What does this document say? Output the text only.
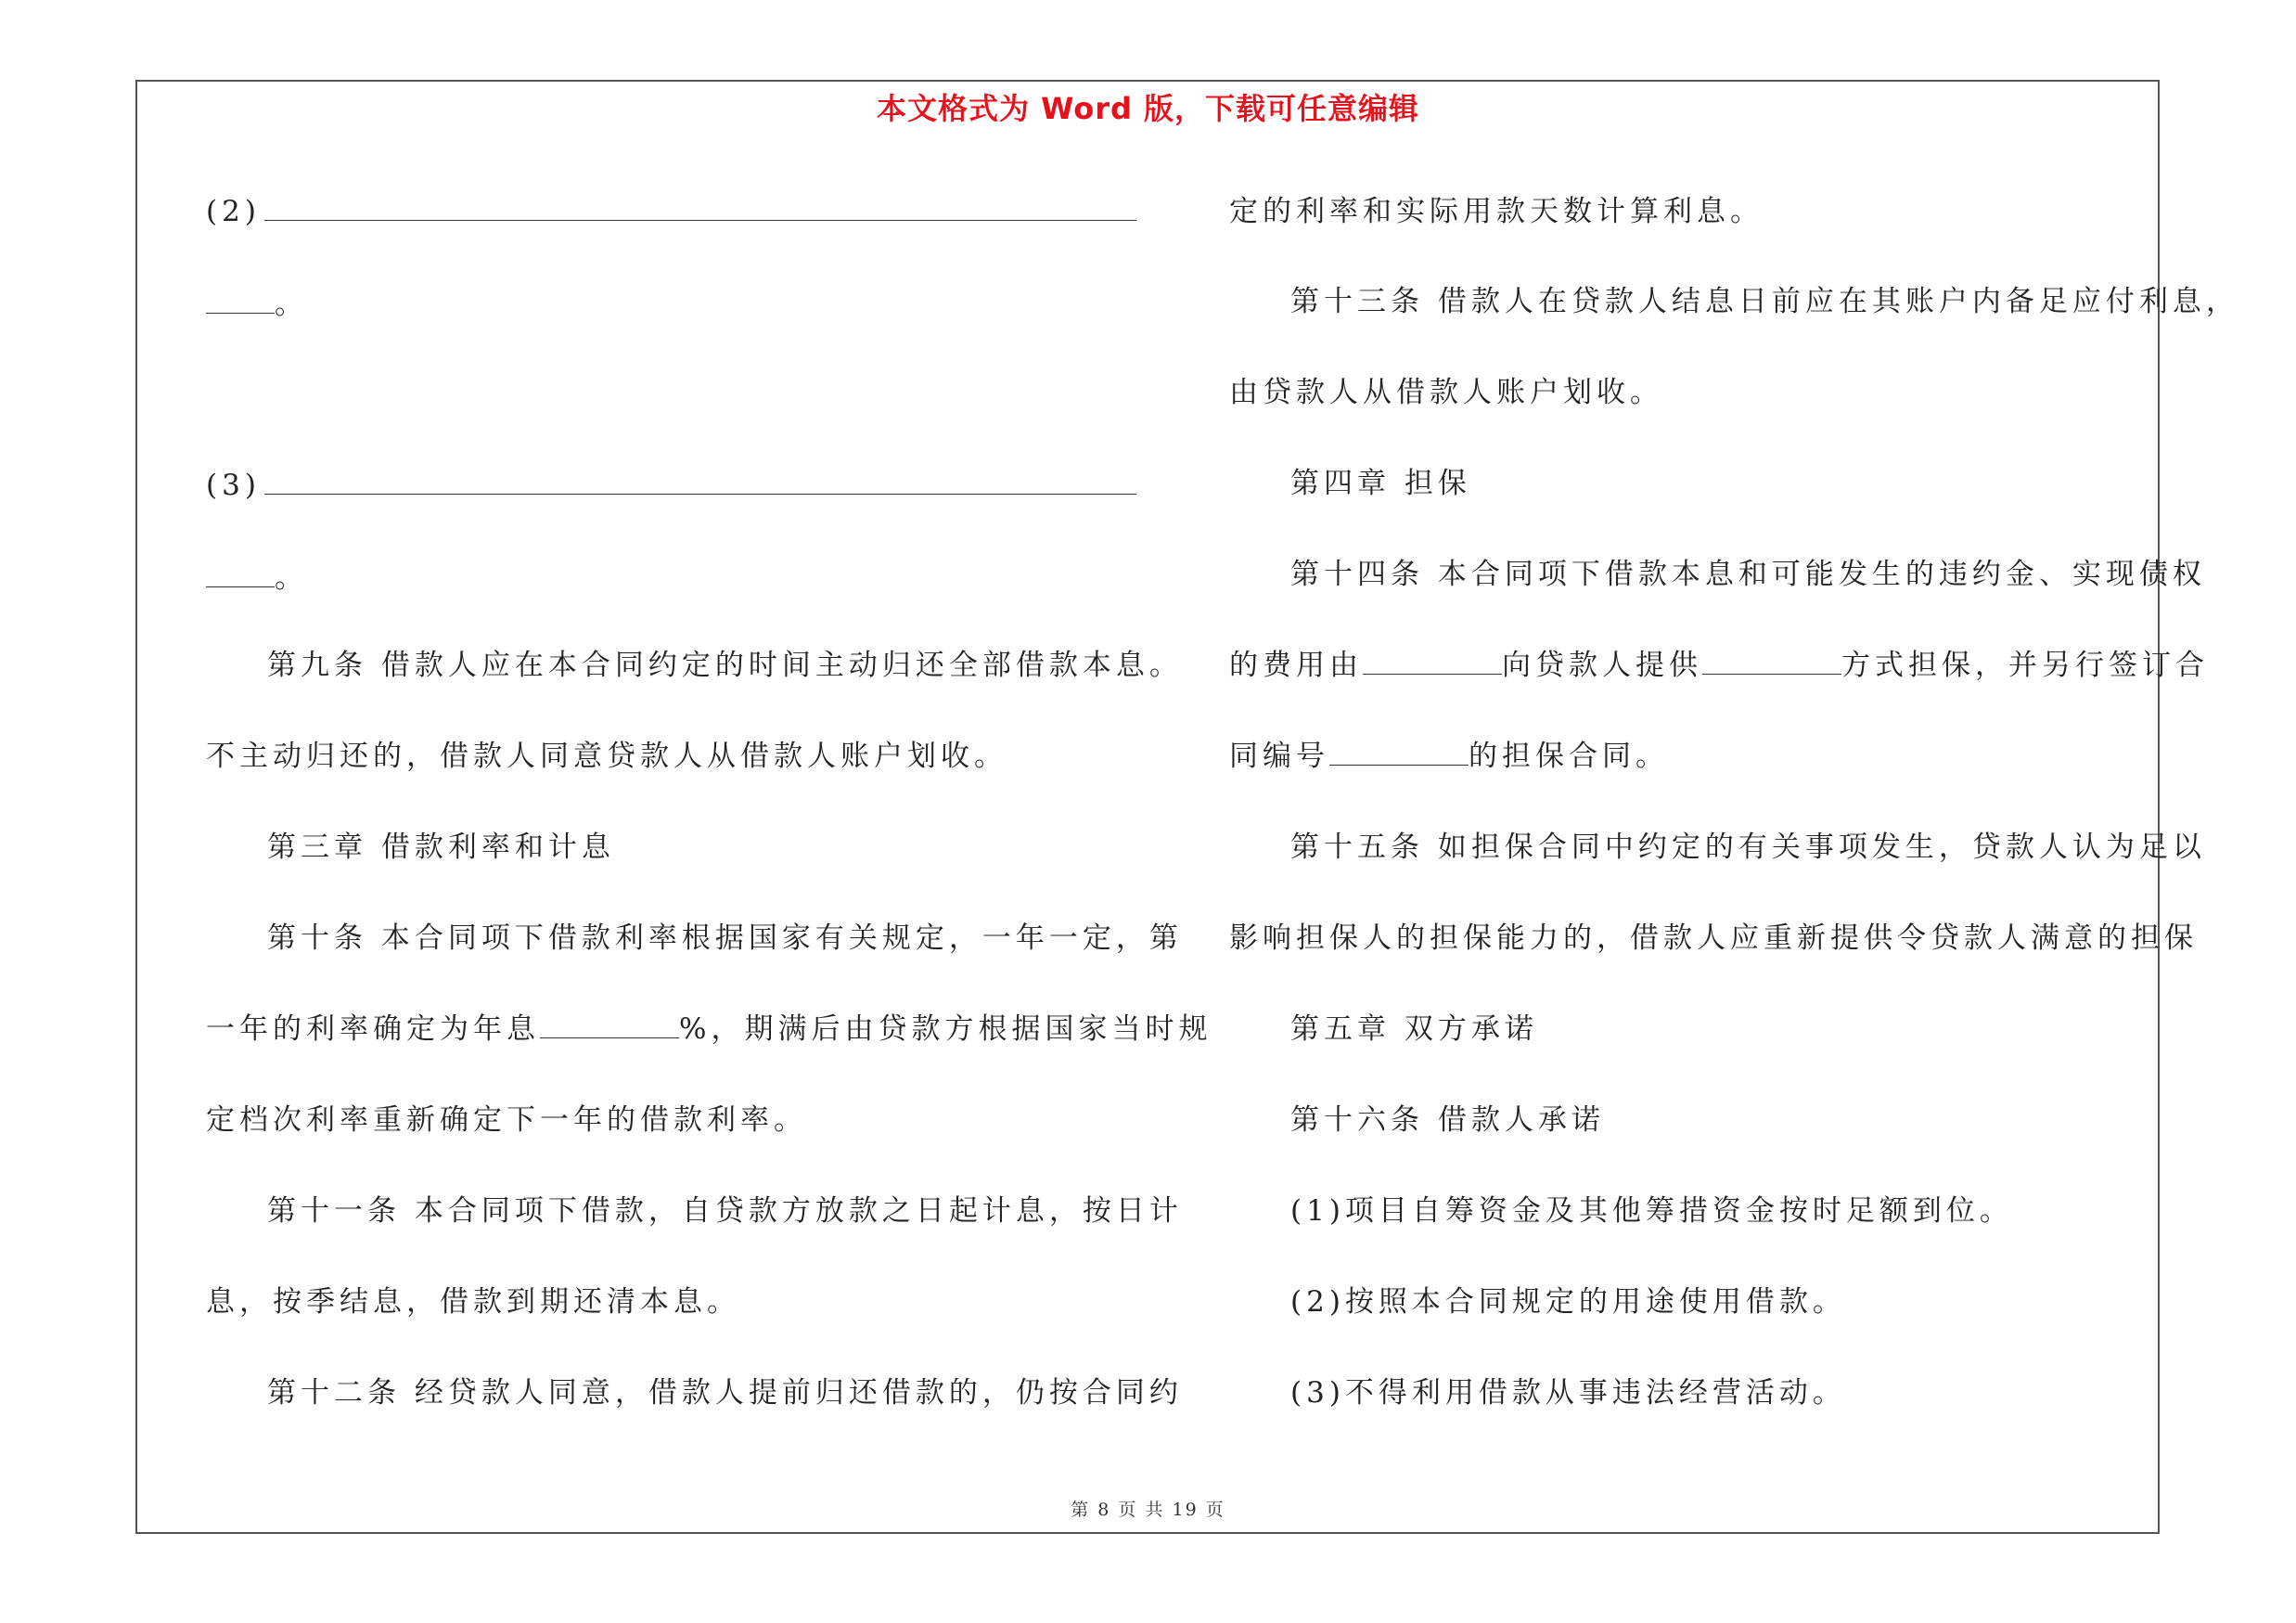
本文格式为 Word 版，下载可任意编辑
(2)
。
(3)
。
第九条 借款人应在本合同约定的时间主动归还全部借款本息。
不主动归还的，借款人同意贷款人从借款人账户划收。
第三章 借款利率和计息
第十条 本合同项下借款利率根据国家有关规定，一年一定，第
一年的利率确定为年息	%，期满后由贷款方根据国家当时规
定档次利率重新确定下一年的借款利率。
第十一条 本合同项下借款，自贷款方放款之日起计息，按日计
息，按季结息，借款到期还清本息。
第十二条 经贷款人同意，借款人提前归还借款的，仍按合同约
定的利率和实际用款天数计算利息。
第十三条 借款人在贷款人结息日前应在其账户内备足应付利息，
由贷款人从借款人账户划收。
第四章 担保
第十四条 本合同项下借款本息和可能发生的违约金、实现债权
的费用由	向贷款人提供	方式担保，并另行签订合
同编号	的担保合同。
第十五条 如担保合同中约定的有关事项发生，贷款人认为足以
影响担保人的担保能力的，借款人应重新提供令贷款人满意的担保
第五章 双方承诺
第十六条 借款人承诺
(1)项目自筹资金及其他筹措资金按时足额到位。
(2)按照本合同规定的用途使用借款。
(3)不得利用借款从事违法经营活动。
第 8 页 共 19 页
